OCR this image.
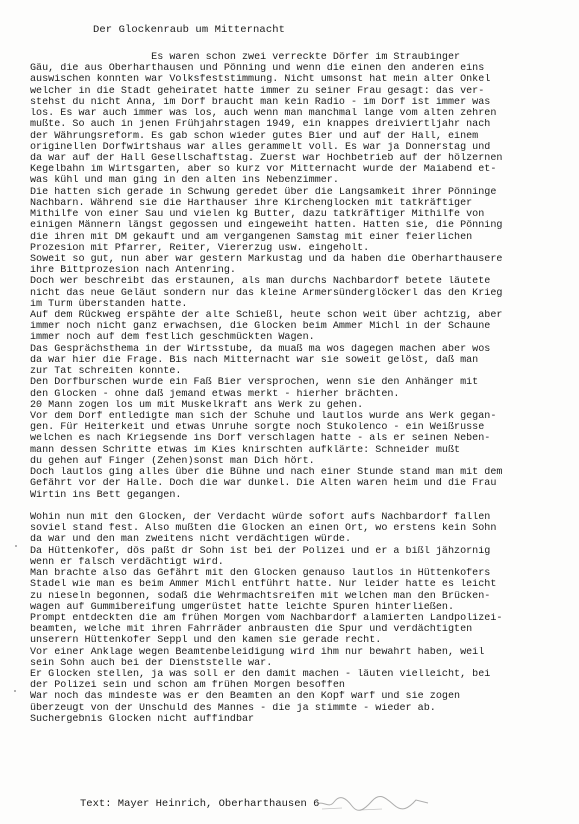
Der Glockenraub um Mitternacht
Es waren schon zwei verreckte Dörfer im Straubinger
Gäu, die aus Oberharthausen und Pönning und wenn die einen den anderen eins
auswischen konnten war Volksfeststimmung. Nicht umsonst hat mein alter Onkel
welcher in die Stadt geheiratet hatte immer zu seiner Frau gesagt: das ver-
stehst du nicht Anna, im Dorf braucht man kein Radio - im Dorf ist immer was
los. Es war auch immer was los, auch wenn man manchmal lange vom alten zehren
mußte. So auch in jenen Frühjahrstagen 1949, ein knappes dreiviertljahr nach
der Währungsreform. Es gab schon wieder gutes Bier und auf der Hall, einem
originellen Dorfwirtshaus war alles gerammelt voll. Es war ja Donnerstag und
da war auf der Hall Gesellschaftstag. Zuerst war Hochbetrieb auf der hölzernen
Kegelbahn im Wirtsgarten, aber so kurz vor Mitternacht wurde der Maiabend et-
was kühl und man ging in den alten ins Nebenzimmer.
Die hatten sich gerade in Schwung geredet über die Langsamkeit ihrer Pönninge
Nachbarn. Während sie die Harthauser ihre Kirchenglocken mit tatkräftiger
Mithilfe von einer Sau und vielen kg Butter, dazu tatkräftiger Mithilfe von
einigen Männern längst gegossen und eingeweiht hatten. Hatten sie, die Pönning
die ihren mit DM gekauft und am vergangenen Samstag mit einer feierlichen
Prozesion mit Pfarrer, Reiter, Viererzug usw. eingeholt.
Soweit so gut, nun aber war gestern Markustag und da haben die Oberharthausere
ihre Bittprozesion nach Antenring.
Doch wer beschreibt das erstaunen, als man durchs Nachbardorf betete läutete
nicht das neue Geläut sondern nur das kleine Armersünderglöckerl das den Krieg
im Turm überstanden hatte.
Auf dem Rückweg erspähte der alte Schießl, heute schon weit über achtzig, aber
immer noch nicht ganz erwachsen, die Glocken beim Ammer Michl in der Schaune
immer noch auf dem festlich geschmückten Wagen.
Das Gesprächsthema in der Wirtsstube, da muaß ma wos dagegen machen aber wos
da war hier die Frage. Bis nach Mitternacht war sie soweit gelöst, daß man
zur Tat schreiten konnte.
Den Dorfburschen wurde ein Faß Bier versprochen, wenn sie den Anhänger mit
den Glocken - ohne daß jemand etwas merkt - hierher brächten.
20 Mann zogen los um mit Muskelkraft ans Werk zu gehen.
Vor dem Dorf entledigte man sich der Schuhe und lautlos wurde ans Werk gegan-
gen. Für Heiterkeit und etwas Unruhe sorgte noch Stukolenco - ein Weißrusse
welchen es nach Kriegsende ins Dorf verschlagen hatte - als er seinen Neben-
mann dessen Schritte etwas im Kies knirschten aufklärte: Schneider mußt
du gehen auf Finger (Zehen)sonst man Dich hört.
Doch lautlos ging alles über die Bühne und nach einer Stunde stand man mit dem
Gefährt vor der Halle. Doch die war dunkel. Die Alten waren heim und die Frau
Wirtin ins Bett gegangen.
Wohin nun mit den Glocken, der Verdacht würde sofort aufs Nachbardorf fallen
soviel stand fest. Also mußten die Glocken an einen Ort, wo erstens kein Sohn
da war und den man zweitens nicht verdächtigen würde.
Da Hüttenkofer, dös paßt dr Sohn ist bei der Polizei und er a bißl jähzornig
wenn er falsch verdächtigt wird.
Man brachte also das Gefährt mit den Glocken genauso lautlos in Hüttenkofers
Stadel wie man es beim Ammer Michl entführt hatte. Nur leider hatte es leicht
zu nieseln begonnen, sodaß die Wehrmachtsreifen mit welchen man den Brücken-
wagen auf Gummibereifung umgerüstet hatte leichte Spuren hinterließen.
Prompt entdeckten die am frühen Morgen vom Nachbardorf alamierten Landpolizei-
beamten, welche mit ihren Fahrräder anbrausten die Spur und verdächtigten
unserern Hüttenkofer Seppl und den kamen sie gerade recht.
Vor einer Anklage wegen Beamtenbeleidigung wird ihm nur bewahrt haben, weil
sein Sohn auch bei der Dienststelle war.
Er Glocken stellen, ja was soll er den damit machen - läuten vielleicht, bei
der Polizei sein und schon am frühen Morgen besoffen
War noch das mindeste was er den Beamten an den Kopf warf und sie zogen
überzeugt von der Unschuld des Mannes - die ja stimmte - wieder ab.
Suchergebnis Glocken nicht auffindbar
Text: Mayer Heinrich, Oberharthausen 6
